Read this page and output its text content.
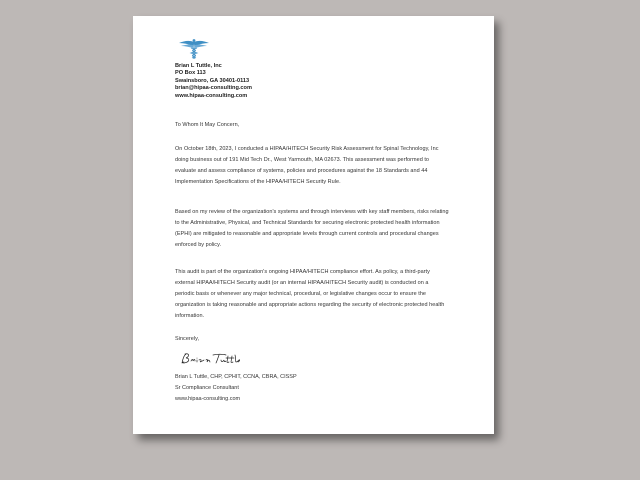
Brian L Tuttle, Inc
PO Box 113
Swainsboro, GA 30401-0113
brian@hipaa-consulting.com
www.hipaa-consulting.com
To Whom It May Concern,
On October 18th, 2023, I conducted a HIPAA/HITECH Security Risk Assessment for Spinal Technology, Inc doing business out of 191 Mid Tech Dr., West Yarmouth, MA 02673. This assessment was performed to evaluate and assess compliance of systems, policies and procedures against the 18 Standards and 44 Implementation Specifications of the HIPAA/HITECH Security Rule.
Based on my review of the organization's systems and through interviews with key staff members, risks relating to the Administrative, Physical, and Technical Standards for securing electronic protected health information (EPHI) are mitigated to reasonable and appropriate levels through current controls and procedural changes enforced by policy.
This audit is part of the organization's ongoing HIPAA/HITECH compliance effort. As policy, a third-party external HIPAA/HITECH Security audit (or an internal HIPAA/HITECH Security audit) is conducted on a periodic basis or whenever any major technical, procedural, or legislative changes occur to ensure the organization is taking reasonable and appropriate actions regarding the security of electronic protected health information.
Sincerely,
Brian L Tuttle, CHP, CPHIT, CCNA, CBRA, CISSP
Sr Compliance Consultant
www.hipaa-consulting.com
